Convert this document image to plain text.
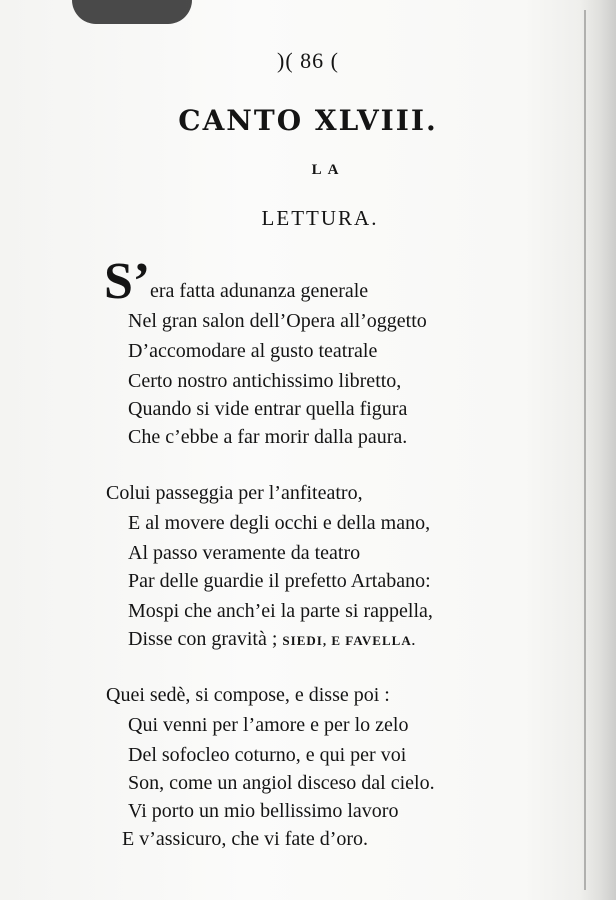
)( 86 (
CANTO XLVIII.
LA
LETTURA.
S’ era fatta adunanza generale
Nel gran salon dell’Opera all’oggetto
D’accomodare al gusto teatrale
Certo nostro antichissimo libretto,
Quando si vide entrar quella figura
Che c’ebbe a far morir dalla paura.
Colui passeggia per l’anfiteatro,
E al movere degli occhi e della mano,
Al passo veramente da teatro
Par delle guardie il prefetto Artabano:
Mospi che anch’ei la parte si rappella,
Disse con gravità ; SIEDI, E FAVELLA.
Quei sedè, si compose, e disse poi :
Qui venni per l’amore e per lo zelo
Del sofocleo coturno, e qui per voi
Son, come un angiol disceso dal cielo.
Vi porto un mio bellissimo lavoro
E v’assicuro, che vi fate d’oro.
